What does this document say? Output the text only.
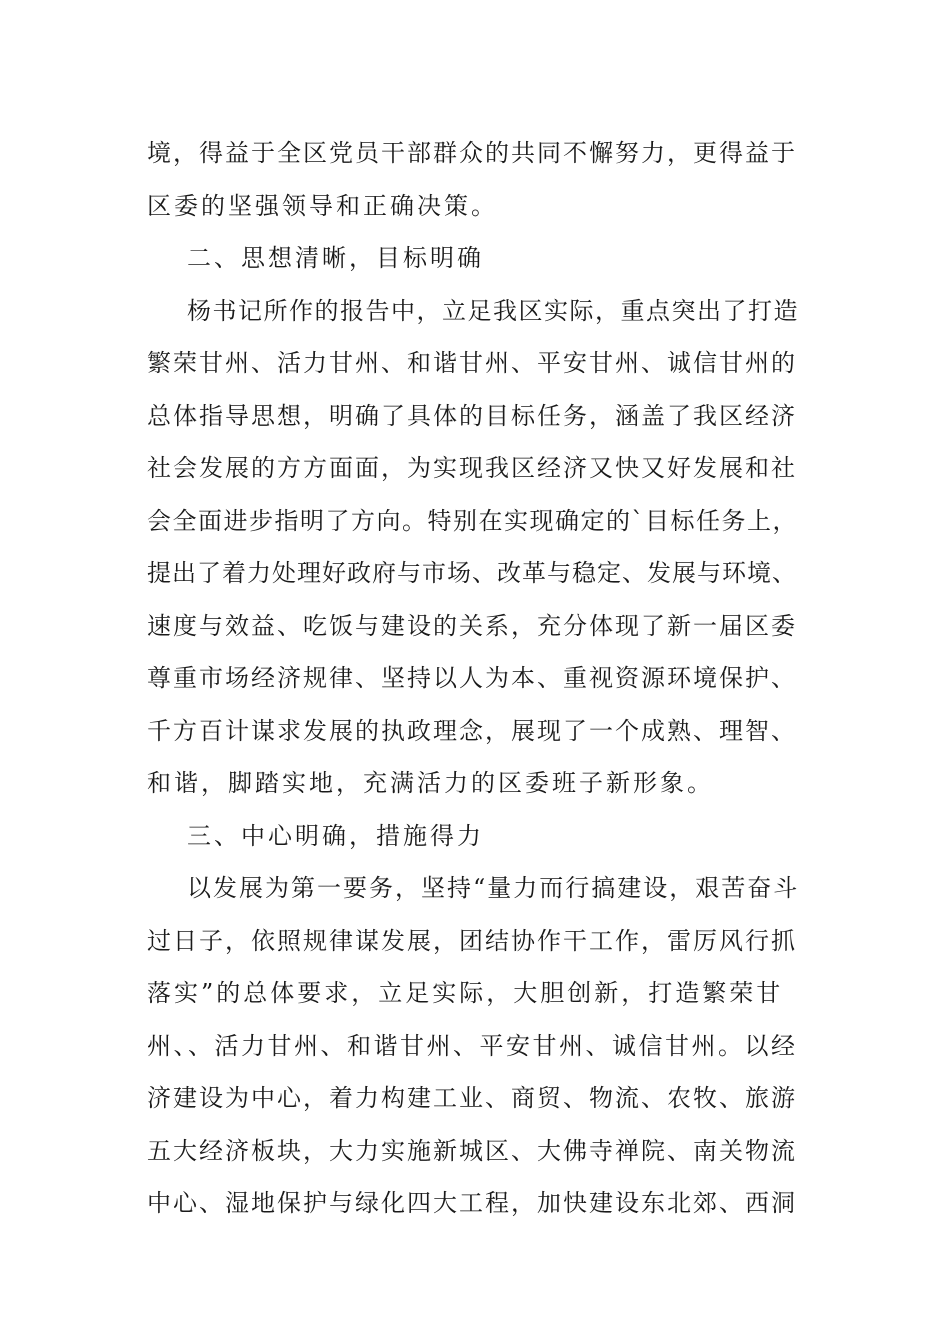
境，得益于全区党员干部群众的共同不懈努力，更得益于
区委的坚强领导和正确决策。
二、思想清晰，目标明确
杨书记所作的报告中，立足我区实际，重点突出了打造
繁荣甘州、活力甘州、和谐甘州、平安甘州、诚信甘州的
总体指导思想，明确了具体的目标任务，涵盖了我区经济
社会发展的方方面面，为实现我区经济又快又好发展和社
会全面进步指明了方向。特别在实现确定的`目标任务上，
提出了着力处理好政府与市场、改革与稳定、发展与环境、
速度与效益、吃饭与建设的关系，充分体现了新一届区委
尊重市场经济规律、坚持以人为本、重视资源环境保护、
千方百计谋求发展的执政理念，展现了一个成熟、理智、
和谐，脚踏实地，充满活力的区委班子新形象。
三、中心明确，措施得力
以发展为第一要务，坚持“量力而行搞建设，艰苦奋斗
过日子，依照规律谋发展，团结协作干工作，雷厉风行抓
落实”的总体要求，立足实际，大胆创新，打造繁荣甘
州、、活力甘州、和谐甘州、平安甘州、诚信甘州。以经
济建设为中心，着力构建工业、商贸、物流、农牧、旅游
五大经济板块，大力实施新城区、大佛寺禅院、南关物流
中心、湿地保护与绿化四大工程，加快建设东北郊、西洞
